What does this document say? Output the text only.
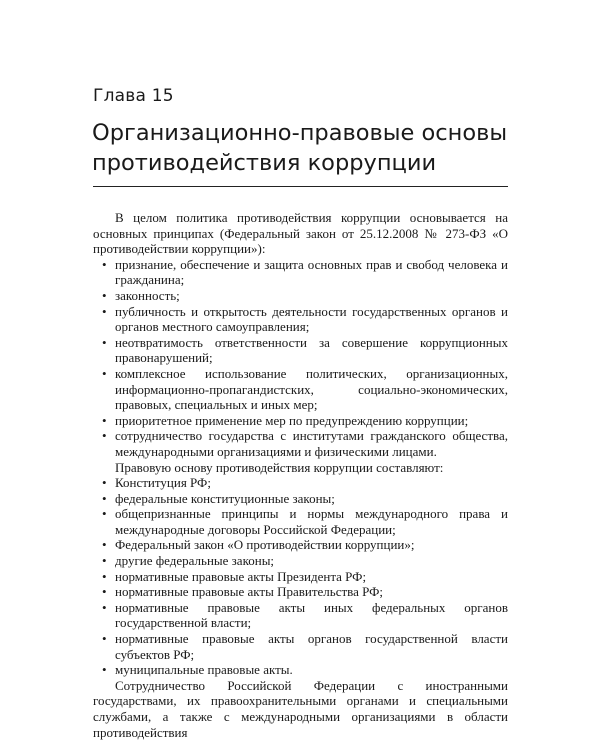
Глава 15
Организационно-правовые основы противодействия коррупции

В целом политика противодействия коррупции основывается на основных принципах (Федеральный закон от 25.12.2008 № 273-ФЗ «О противодействии коррупции»):

• признание, обеспечение и защита основных прав и свобод человека и гражданина;
• законность;
• публичность и открытость деятельности государственных органов и органов местного самоуправления;
• неотвратимость ответственности за совершение коррупционных правонарушений;
• комплексное использование политических, организационных, информационно-пропагандистских, социально-экономических, правовых, специальных и иных мер;
• приоритетное применение мер по предупреждению коррупции;
• сотрудничество государства с институтами гражданского общества, международными организациями и физическими лицами.

Правовую основу противодействия коррупции составляют:

• Конституция РФ;
• федеральные конституционные законы;
• общепризнанные принципы и нормы международного права и международные договоры Российской Федерации;
• Федеральный закон «О противодействии коррупции»;
• другие федеральные законы;
• нормативные правовые акты Президента РФ;
• нормативные правовые акты Правительства РФ;
• нормативные правовые акты иных федеральных органов государственной власти;
• нормативные правовые акты органов государственной власти субъектов РФ;
• муниципальные правовые акты.

Сотрудничество Российской Федерации с иностранными государствами, их правоохранительными органами и специальными службами, а также с международными организациями в области противодействия
